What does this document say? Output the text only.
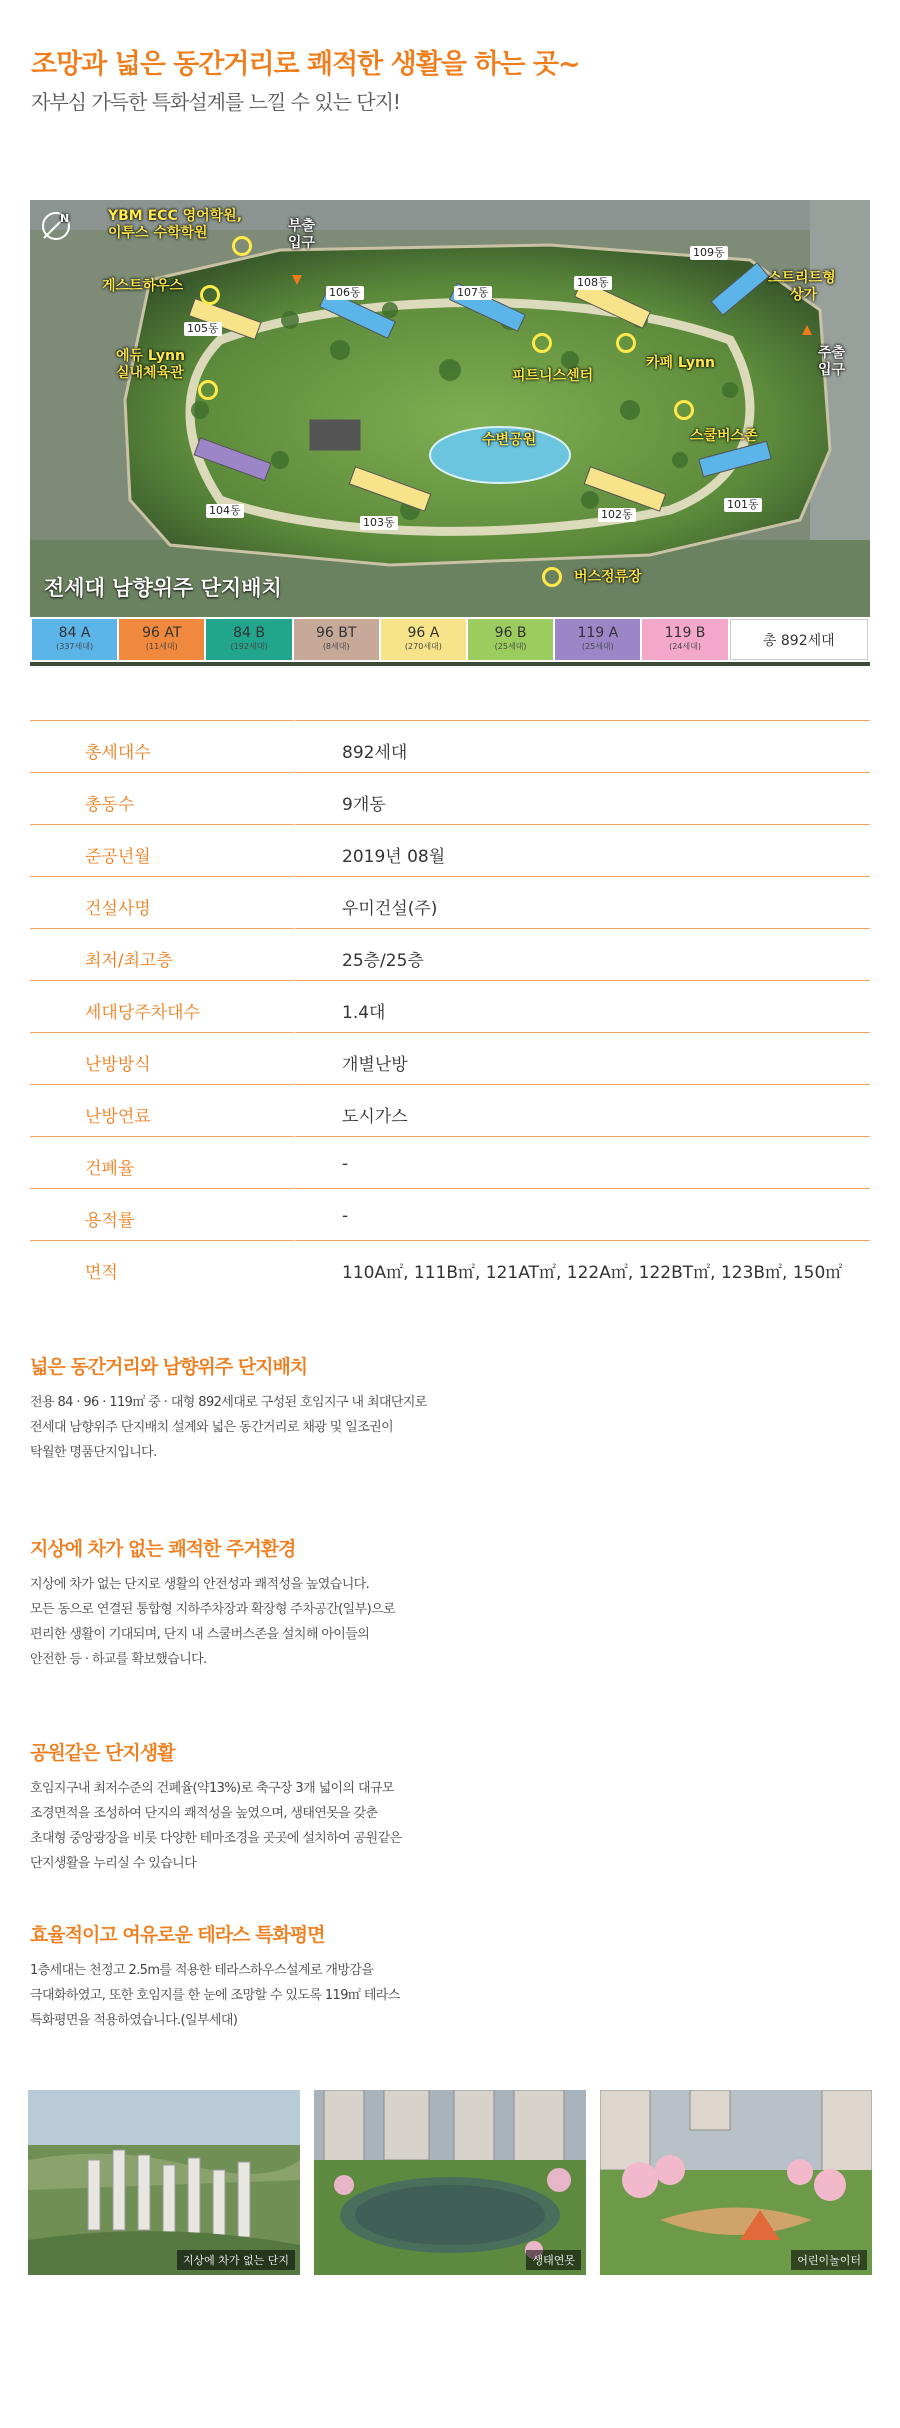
조망과 넓은 동간거리로 쾌적한 생활을 하는 곳~
자부심 가득한 특화설계를 느낄 수 있는 단지!
N
전세대 남향위주 단지배치
YBM ECC 영어학원,
이투스 수학학원	부출
입구
게스트하우스
에듀 Lynn
실내체육관	피트니스센터
카페 Lynn
스트리트형
상가
주출
입구
수변공원	스쿨버스존
버스정류장
101동
102동
103동
104동
105동
106동	107동
108동
109동
84 A
(337세대)
96 AT
(11세대)
84 B
(192세대)
96 BT
(8세대)
96 A
(270세대)
96 B
(25세대)
119 A
(25세대)
119 B
(24세대)	총 892세대
총세대수	892세대
총동수	9개동
준공년월	2019년 08월
건설사명	우미건설(주)
최저/최고층	25층/25층
세대당주차대수	1.4대
난방방식	개별난방
난방연료	도시가스
건폐율	-
용적률	-
면적	110A㎡, 111B㎡, 121AT㎡, 122A㎡, 122BT㎡, 123B㎡, 150㎡
넓은 동간거리와 남향위주 단지배치

전용 84 · 96 · 119㎡ 중 · 대형 892세대로 구성된 호임지구 내 최대단지로

전세대 남향위주 단지배치 설계와 넓은 동간거리로 채광 및 일조권이

탁월한 명품단지입니다.

지상에 차가 없는 쾌적한 주거환경

지상에 차가 없는 단지로 생활의 안전성과 쾌적성을 높였습니다.

모든 동으로 연결된 통합형 지하주차장과 확장형 주차공간(일부)으로

편리한 생활이 기대되며, 단지 내 스쿨버스존을 설치해 아이들의

안전한 등 · 하교를 확보했습니다.

공원같은 단지생활

호임지구내 최저수준의 건폐율(약13%)로 축구장 3개 넓이의 대규모

조경면적을 조성하여 단지의 쾌적성을 높였으며, 생태연못을 갖춘

초대형 중앙광장을 비롯 다양한 테마조경을 곳곳에 설치하여 공원같은

단지생활을 누리실 수 있습니다

효율적이고 여유로운 테라스 특화평면

1층세대는 천정고 2.5m를 적용한 테라스하우스설계로 개방감을

극대화하였고, 또한 호임지를 한 눈에 조망할 수 있도록 119㎡ 테라스

특화평면을 적용하였습니다.(일부세대)

지상에 차가 없는 단지	생태연못	어린이놀이터
